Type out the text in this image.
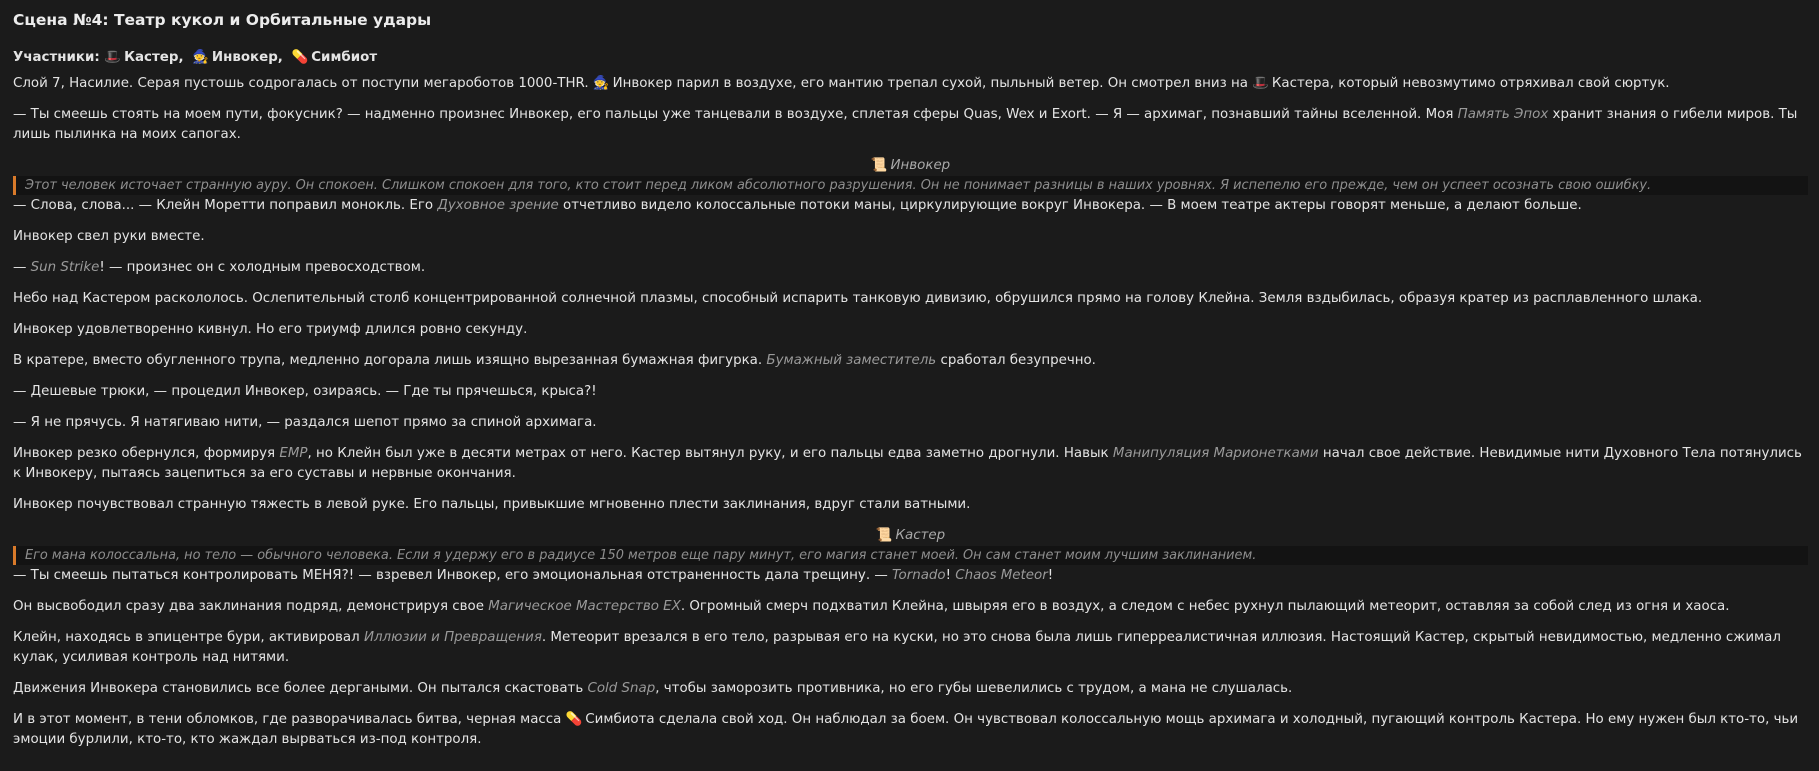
Сцена №4: Театр кукол и Орбитальные удары
Участники: 🎩 Кастер, 🧙 Инвокер, 💊 Симбиот

Слой 7, Насилие. Серая пустошь содрогалась от поступи мегароботов 1000-THR. 🧙 Инвокер парил в воздухе, его мантию трепал сухой, пыльный ветер. Он смотрел вниз на 🎩 Кастера, который невозмутимо отряхивал свой сюртук.

— Ты смеешь стоять на моем пути, фокусник? — надменно произнес Инвокер, его пальцы уже танцевали в воздухе, сплетая сферы Quas, Wex и Exort. — Я — архимаг, познавший тайны вселенной. Моя Память Эпох хранит знания о гибели миров. Ты лишь пылинка на моих сапогах.

📜 Инвокер
Этот человек источает странную ауру. Он спокоен. Слишком спокоен для того, кто стоит перед ликом абсолютного разрушения. Он не понимает разницы в наших уровнях. Я испепелю его прежде, чем он успеет осознать свою ошибку.

— Слова, слова... — Клейн Моретти поправил монокль. Его Духовное зрение отчетливо видело колоссальные потоки маны, циркулирующие вокруг Инвокера. — В моем театре актеры говорят меньше, а делают больше.

Инвокер свел руки вместе.

— Sun Strike! — произнес он с холодным превосходством.

Небо над Кастером раскололось. Ослепительный столб концентрированной солнечной плазмы, способный испарить танковую дивизию, обрушился прямо на голову Клейна. Земля вздыбилась, образуя кратер из расплавленного шлака.

Инвокер удовлетворенно кивнул. Но его триумф длился ровно секунду.

В кратере, вместо обугленного трупа, медленно догорала лишь изящно вырезанная бумажная фигурка. Бумажный заместитель сработал безупречно.

— Дешевые трюки, — процедил Инвокер, озираясь. — Где ты прячешься, крыса?!

— Я не прячусь. Я натягиваю нити, — раздался шепот прямо за спиной архимага.

Инвокер резко обернулся, формируя EMP, но Клейн был уже в десяти метрах от него. Кастер вытянул руку, и его пальцы едва заметно дрогнули. Навык Манипуляция Марионетками начал свое действие. Невидимые нити Духовного Тела потянулись к Инвокеру, пытаясь зацепиться за его суставы и нервные окончания.

Инвокер почувствовал странную тяжесть в левой руке. Его пальцы, привыкшие мгновенно плести заклинания, вдруг стали ватными.

📜 Кастер
Его мана колоссальна, но тело — обычного человека. Если я удержу его в радиусе 150 метров еще пару минут, его магия станет моей. Он сам станет моим лучшим заклинанием.

— Ты смеешь пытаться контролировать МЕНЯ?! — взревел Инвокер, его эмоциональная отстраненность дала трещину. — Tornado! Chaos Meteor!

Он высвободил сразу два заклинания подряд, демонстрируя свое Магическое Мастерство EX. Огромный смерч подхватил Клейна, швыряя его в воздух, а следом с небес рухнул пылающий метеорит, оставляя за собой след из огня и хаоса.

Клейн, находясь в эпицентре бури, активировал Иллюзии и Превращения. Метеорит врезался в его тело, разрывая его на куски, но это снова была лишь гиперреалистичная иллюзия. Настоящий Кастер, скрытый невидимостью, медленно сжимал кулак, усиливая контроль над нитями.

Движения Инвокера становились все более дергаными. Он пытался скастовать Cold Snap, чтобы заморозить противника, но его губы шевелились с трудом, а мана не слушалась.

И в этот момент, в тени обломков, где разворачивалась битва, черная масса 💊 Симбиота сделала свой ход. Он наблюдал за боем. Он чувствовал колоссальную мощь архимага и холодный, пугающий контроль Кастера. Но ему нужен был кто-то, чьи эмоции бурлили, кто-то, кто жаждал вырваться из-под контроля.
